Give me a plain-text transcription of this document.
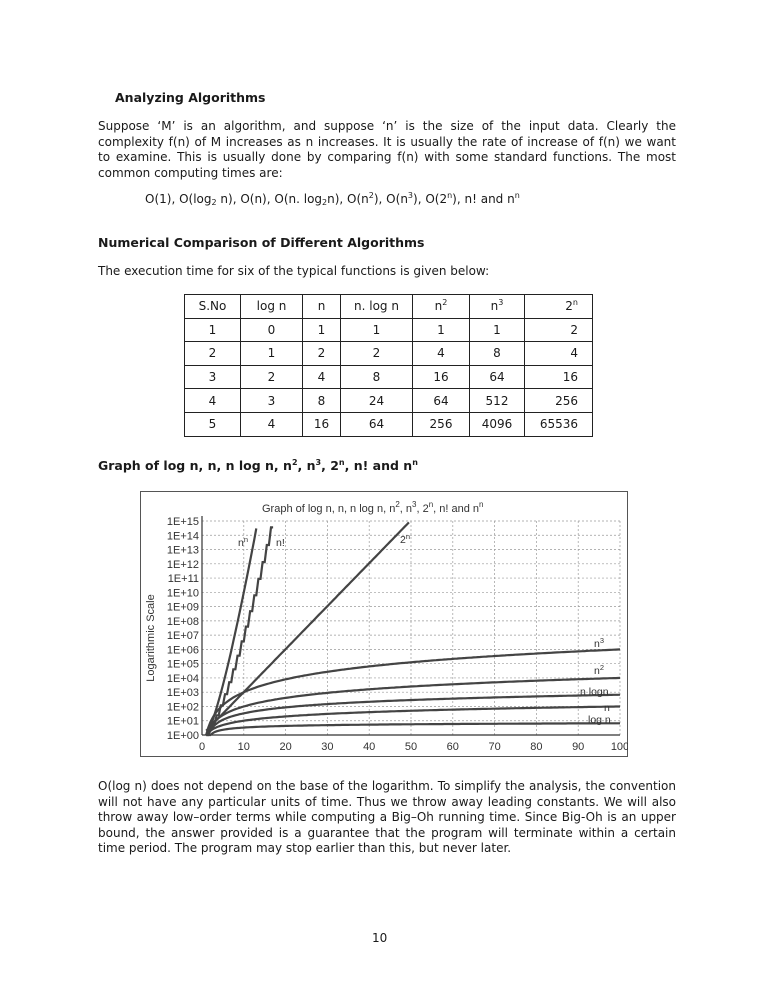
Analyzing Algorithms
Suppose ‘M’ is an algorithm, and suppose ‘n’ is the size of the input data. Clearly the complexity f(n) of M increases as n increases. It is usually the rate of increase of f(n) we want to examine. This is usually done by comparing f(n) with some standard functions. The most common computing times are:
O(1), $O(\log_2$ n), O(n), O(n. $\log_2n$), $O(n^2)$, $O(n^3)$, O(2$^n$), n! and $n^n$
Numerical Comparison of Different Algorithms
The execution time for six of the typical functions is given below:
S.No	log n	n	n. log n	$n^2$	$n^3$	2$^n$
1	0	1	1	1	1	2
2	1	2	2	4	8	4
3	2	4	8	16	64	16
4	3	8	24	64	512	256
5	4	16	64	256	4096	65536
Graph of log n, n, n log n, $n^2$, $n^3$, 2$^n$, n! and $n^n$
1E+00
1E+01
1E+02
1E+03
1E+04
1E+05
1E+06
1E+07
1E+08
1E+09
1E+10
1E+11
1E+12
1E+13
1E+14
1E+15
0	10	20	30	40	50	60	70	80	90 100
Logarithmic Scale
Graph of log n, n, n log n, $n^2$, $n^3$, 2$^n$, n! and $n^n$
log n
n
n logn
$n^2$
$n^3$
2$^n$
n!
$n^n$
O(log n) does not depend on the base of the logarithm. To simplify the analysis, the convention will not have any particular units of time. Thus we throw away leading constants. We will also throw away low–order terms while computing a Big–Oh running time. Since Big-Oh is an upper bound, the answer provided is a guarantee that the program will terminate within a certain time period. The program may stop earlier than this, but never later.
10
